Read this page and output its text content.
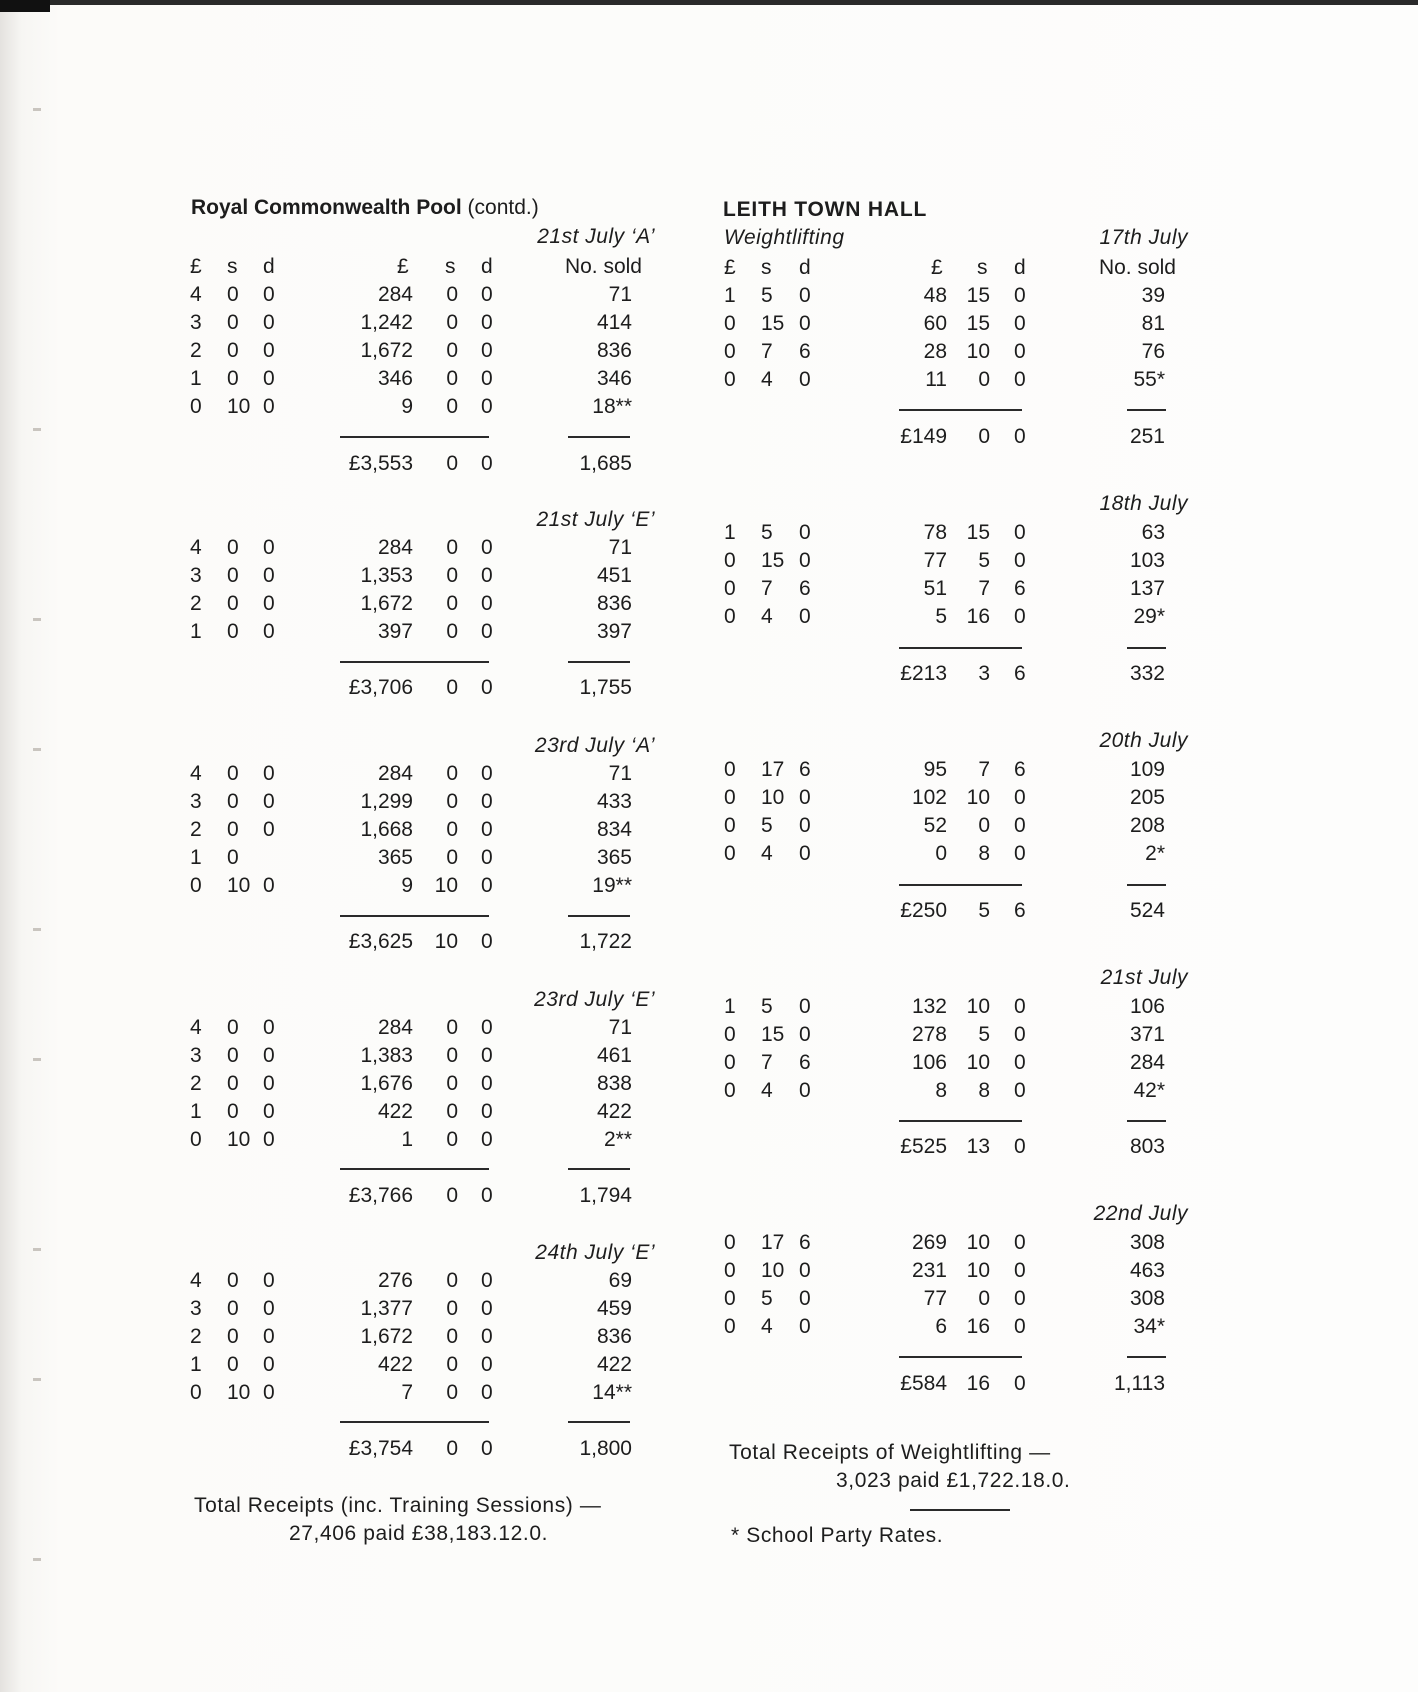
Royal Commonwealth Pool (contd.)
£ s d	£ s d	No. sold
21st July ‘A’
4 0 0	284 0 0	71
3 0 0	1,242 0 0	414
2 0 0	1,672 0 0	836
1 0 0	346 0 0	346
0 10 0	9 0 0	18**
£3,553 0 0	1,685
21st July ‘E’
4 0 0	284 0 0	71
3 0 0	1,353 0 0	451
2 0 0	1,672 0 0	836
1 0 0	397 0 0	397
£3,706 0 0	1,755
23rd July ‘A’
4 0 0	284 0 0	71
3 0 0	1,299 0 0	433
2 0 0	1,668 0 0	834
1 0	365 0 0	365
0 10 0	9 10 0	19**
£3,625 10 0	1,722
23rd July ‘E’
4 0 0	284 0 0	71
3 0 0	1,383 0 0	461
2 0 0	1,676 0 0	838
1 0 0	422 0 0	422
0 10 0	1 0 0	2**
£3,766 0 0	1,794
24th July ‘E’
4 0 0	276 0 0	69
3 0 0	1,377 0 0	459
2 0 0	1,672 0 0	836
1 0 0	422 0 0	422
0 10 0	7 0 0	14**
£3,754 0 0	1,800
Total Receipts (inc. Training Sessions) —
27,406 paid £38,183.12.0.
LEITH TOWN HALL
Weightlifting
£ s d	£ s d	No. sold
17th July
1 5 0	48 15 0	39
0 15 0	60 15 0	81
0 7 6	28 10 0	76
0 4 0	11 0 0	55*
£149 0 0	251
18th July
1 5 0	78 15 0	63
0 15 0	77 5 0	103
0 7 6	51 7 6	137
0 4 0	5 16 0	29*
£213 3 6	332
20th July
0 17 6	95 7 6	109
0 10 0	102 10 0	205
0 5 0	52 0 0	208
0 4 0	0 8 0	2*
£250 5 6	524
21st July
1 5 0	132 10 0	106
0 15 0	278 5 0	371
0 7 6	106 10 0	284
0 4 0	8 8 0	42*
£525 13 0	803
22nd July
0 17 6	269 10 0	308
0 10 0	231 10 0	463
0 5 0	77 0 0	308
0 4 0	6 16 0	34*
£584 16 0	1,113
Total Receipts of Weightlifting —
3,023 paid £1,722.18.0.
* School Party Rates.
